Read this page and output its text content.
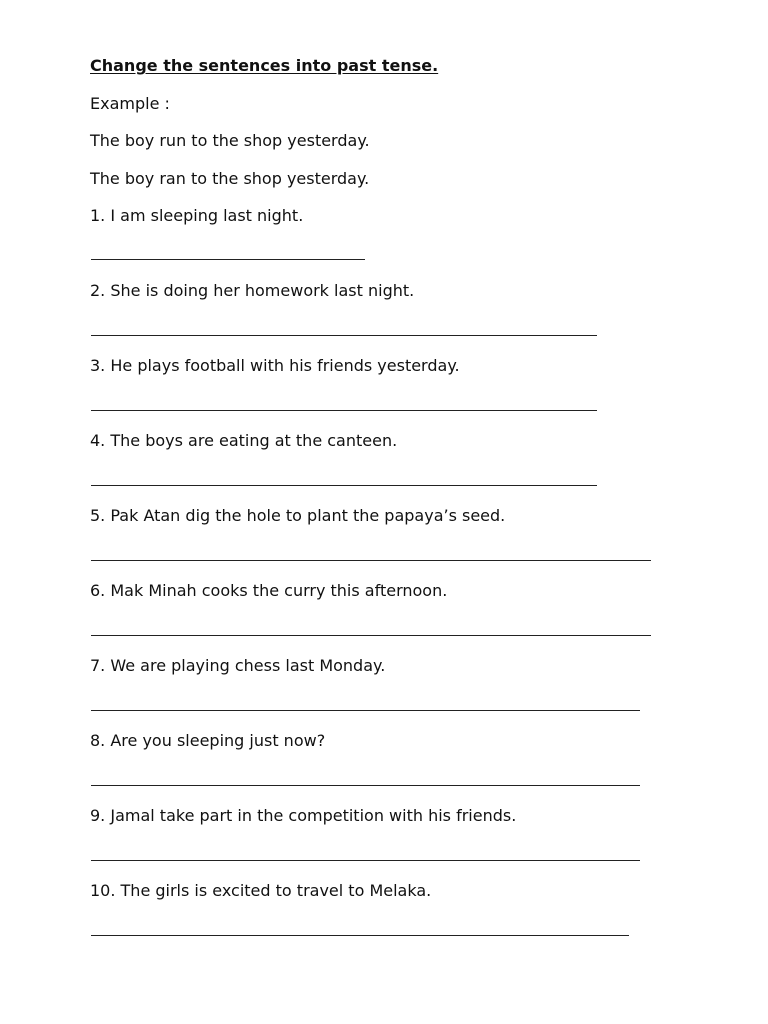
Change the sentences into past tense.
Example :
The boy run to the shop yesterday.
The boy ran to the shop yesterday.
1. I am sleeping last night.
2. She is doing her homework last night.
3. He plays football with his friends yesterday.
4. The boys are eating at the canteen.
5. Pak Atan dig the hole to plant the papaya’s seed.
6. Mak Minah cooks the curry this afternoon.
7. We are playing chess last Monday.
8. Are you sleeping just now?
9. Jamal take part in the competition with his friends.
10. The girls is excited to travel to Melaka.
